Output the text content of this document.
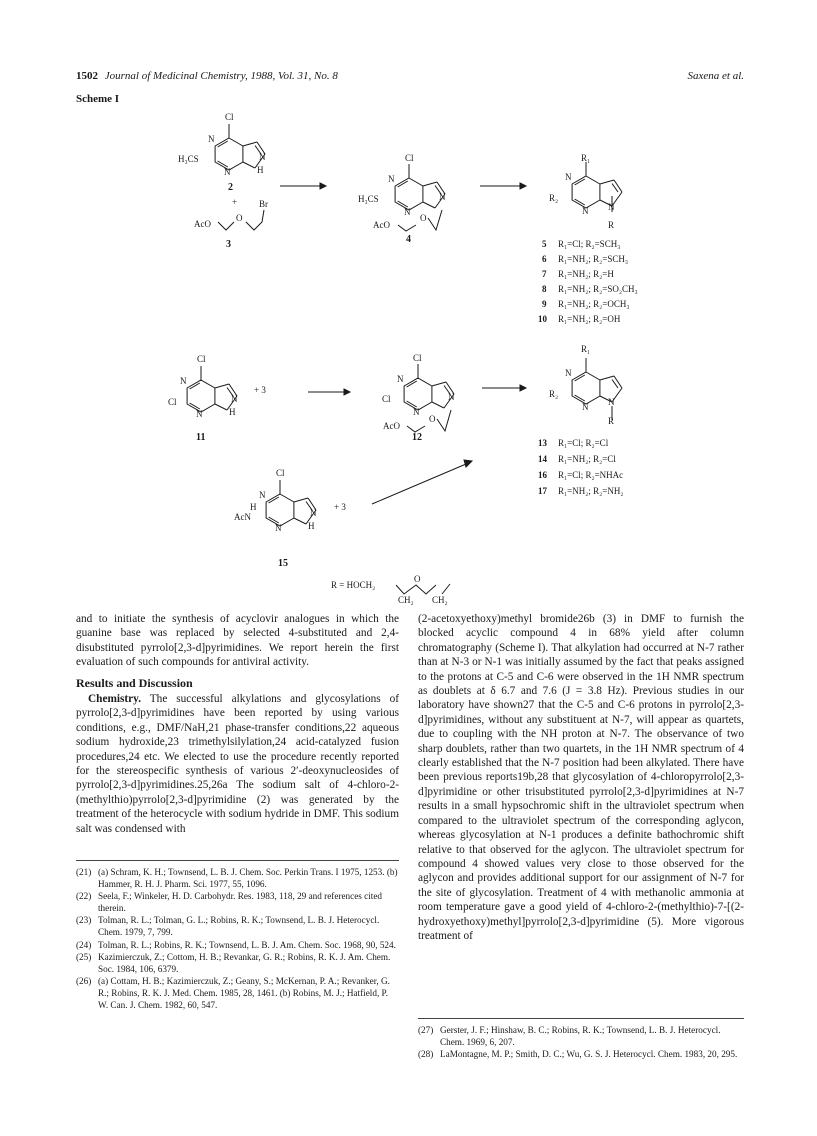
1502 Journal of Medicinal Chemistry, 1988, Vol. 31, No. 8	Saxena et al.
Scheme I
Cl
N
N
H₃CS	N
H
2
+
AcO
O
Br
3
Cl
N
N
H₃CS	N
AcO
O
4
R₁
N
N
R₂
N
R
5 R₁=Cl; R₂=SCH₃
6 R₁=NH₂; R₂=SCH₃
7 R₁=NH₂; R₂=H
8 R₁=NH₂; R₂=SO₂CH₃
9 R₁=NH₂; R₂=OCH₃
10 R₁=NH₂; R₂=OH
Cl
N
N
Cl	N
H
+ 3
11
Cl
N
N
Cl	N
AcO
O
12
R₁
N
N
R₂
N
R
13 R₁=Cl; R₂=Cl
14 R₁=NH₂; R₂=Cl
16 R₁=Cl; R₂=NHAc
17 R₁=NH₂; R₂=NH₂
Cl
N
N
H
AcN	N
H
+ 3
15
R = HOCH₂
CH₂
O
CH₂

and to initiate the synthesis of acyclovir analogues in which the guanine base was replaced by selected 4-substituted and 2,4-disubstituted pyrrolo[2,3-d]pyrimidines. We report herein the first evaluation of such compounds for antiviral activity.

Results and Discussion

Chemistry. The successful alkylations and glycosylations of pyrrolo[2,3-d]pyrimidines have been reported by using various conditions, e.g., DMF/NaH,21 phase-transfer conditions,22 aqueous sodium hydroxide,23 trimethylsilylation,24 acid-catalyzed fusion procedures,24 etc. We elected to use the procedure recently reported for the stereospecific synthesis of various 2′-deoxynucleosides of pyrrolo[2,3-d]pyrimidines.25,26a The sodium salt of 4-chloro-2-(methylthio)pyrrolo[2,3-d]pyrimidine (2) was generated by the treatment of the heterocycle with sodium hydride in DMF. This sodium salt was condensed with

(2-acetoxyethoxy)methyl bromide26b (3) in DMF to furnish the blocked acyclic compound 4 in 68% yield after column chromatography (Scheme I). That alkylation had occurred at N-7 rather than at N-3 or N-1 was initially assumed by the fact that peaks assigned to the protons at C-5 and C-6 were observed in the 1H NMR spectrum as doublets at δ 6.7 and 7.6 (J = 3.8 Hz). Previous studies in our laboratory have shown27 that the C-5 and C-6 protons in pyrrolo[2,3-d]pyrimidines, without any substituent at N-7, will appear as quartets, due to coupling with the NH proton at N-7. The observance of two sharp doublets, rather than two quartets, in the 1H NMR spectrum of 4 clearly established that the N-7 position had been alkylated. There have been previous reports19b,28 that glycosylation of 4-chloropyrrolo[2,3-d]pyrimidine or other trisubstituted pyrrolo[2,3-d]pyrimidines at N-7 results in a small hypsochromic shift in the ultraviolet spectrum when compared to the ultraviolet spectrum of the corresponding aglycon, whereas glycosylation at N-1 produces a definite bathochromic shift relative to that observed for the aglycon. The ultraviolet spectrum for compound 4 showed values very close to those observed for the aglycon and provides additional support for our assignment of N-7 for the site of glycosylation. Treatment of 4 with methanolic ammonia at room temperature gave a good yield of 4-chloro-2-(methylthio)-7-[(2-hydroxyethoxy)methyl]pyrrolo[2,3-d]pyrimidine (5). More vigorous treatment of

(21) (a) Schram, K. H.; Townsend, L. B. J. Chem. Soc. Perkin Trans. I 1975, 1253. (b) Hammer, R. H. J. Pharm. Sci. 1977, 55, 1096.
(22) Seela, F.; Winkeler, H. D. Carbohydr. Res. 1983, 118, 29 and references cited therein.
(23) Tolman, R. L.; Tolman, G. L.; Robins, R. K.; Townsend, L. B. J. Heterocycl. Chem. 1979, 7, 799.
(24) Tolman, R. L.; Robins, R. K.; Townsend, L. B. J. Am. Chem. Soc. 1968, 90, 524.
(25) Kazimierczuk, Z.; Cottom, H. B.; Revankar, G. R.; Robins, R. K. J. Am. Chem. Soc. 1984, 106, 6379.
(26) (a) Cottam, H. B.; Kazimierczuk, Z.; Geany, S.; McKernan, P. A.; Revanker, G. R.; Robins, R. K. J. Med. Chem. 1985, 28, 1461. (b) Robins, M. J.; Hatfield, P. W. Can. J. Chem. 1982, 60, 547.
(27) Gerster, J. F.; Hinshaw, B. C.; Robins, R. K.; Townsend, L. B. J. Heterocycl. Chem. 1969, 6, 207.
(28) LaMontagne, M. P.; Smith, D. C.; Wu, G. S. J. Heterocycl. Chem. 1983, 20, 295.
